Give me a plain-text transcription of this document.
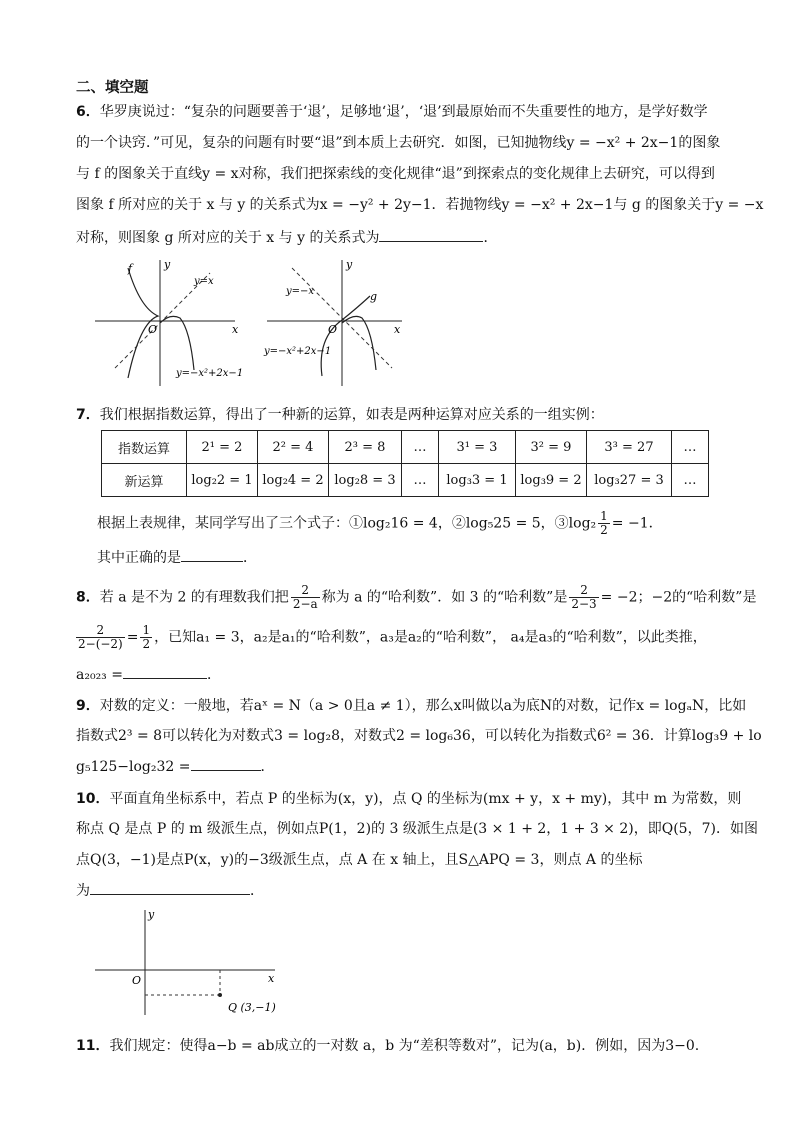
二、填空题
6．华罗庚说过：“复杂的问题要善于‘退’，足够地‘退’，‘退’到最原始而不失重要性的地方，是学好数学
的一个诀窍．”可见，复杂的问题有时要“退”到本质上去研究．如图，已知抛物线y = −x² + 2x−1的图象
与 f 的图象关于直线y = x对称，我们把探索线的变化规律“退”到探索点的变化规律上去研究，可以得到
图象 f 所对应的关于 x 与 y 的关系式为x = −y² + 2y−1．若抛物线y = −x² + 2x−1与 g 的图象关于y = −x
对称，则图象 g 所对应的关于 x 与 y 的关系式为	．
f	y
x
O
y=x
y=−x²+2x−1
g
y
x
O
y=−x
y=−x²+2x−1
7．我们根据指数运算，得出了一种新的运算，如表是两种运算对应关系的一组实例：
指数运算	2¹ = 2	2² = 4	2³ = 8	…	3¹ = 3	3² = 9	3³ = 27	…
新运算	log₂2 = 1	log₂4 = 2	log₂8 = 3	…	log₃3 = 1	log₃9 = 2	log₃27 = 3	…
根据上表规律，某同学写出了三个式子：①log₂16 = 4，②log₅25 = 5，③log₂ $\frac{1}{2} = -1$．
其中正确的是	．
8．若 a 是不为 2 的有理数我们把 $\frac{2}{2-a}$ 称为 a 的“哈利数”．如 3 的“哈利数”是 $\frac{2}{2-3} = -2$；−2的“哈利数”是
$\frac{2}{2-(-2)} = \frac{1}{2}$ ，已知a₁ = 3，a₂是a₁的“哈利数”，a₃是a₂的“哈利数”， a₄是a₃的“哈利数”，以此类推，
a₂₀₂₃ =	．
9．对数的定义：一般地，若aˣ = N（a > 0且a ≠ 1），那么x叫做以a为底N的对数，记作x = logₐN，比如
指数式2³ = 8可以转化为对数式3 = log₂8，对数式2 = log₆36，可以转化为指数式6² = 36．计算log₃9 + lo
g₅125−log₂32 =	．
10．平面直角坐标系中，若点 P 的坐标为(x，y)，点 Q 的坐标为(mx + y，x + my)，其中 m 为常数，则
称点 Q 是点 P 的 m 级派生点，例如点P(1，2)的 3 级派生点是(3 × 1 + 2，1 + 3 × 2)，即Q(5，7)．如图
点Q(3，−1)是点P(x，y)的−3级派生点，点 A 在 x 轴上，且S△APQ = 3，则点 A 的坐标
为	．
y
x
O
Q (3,−1)
11．我们规定：使得a−b = ab成立的一对数 a，b 为“差积等数对”，记为(a，b)．例如，因为3−0.
